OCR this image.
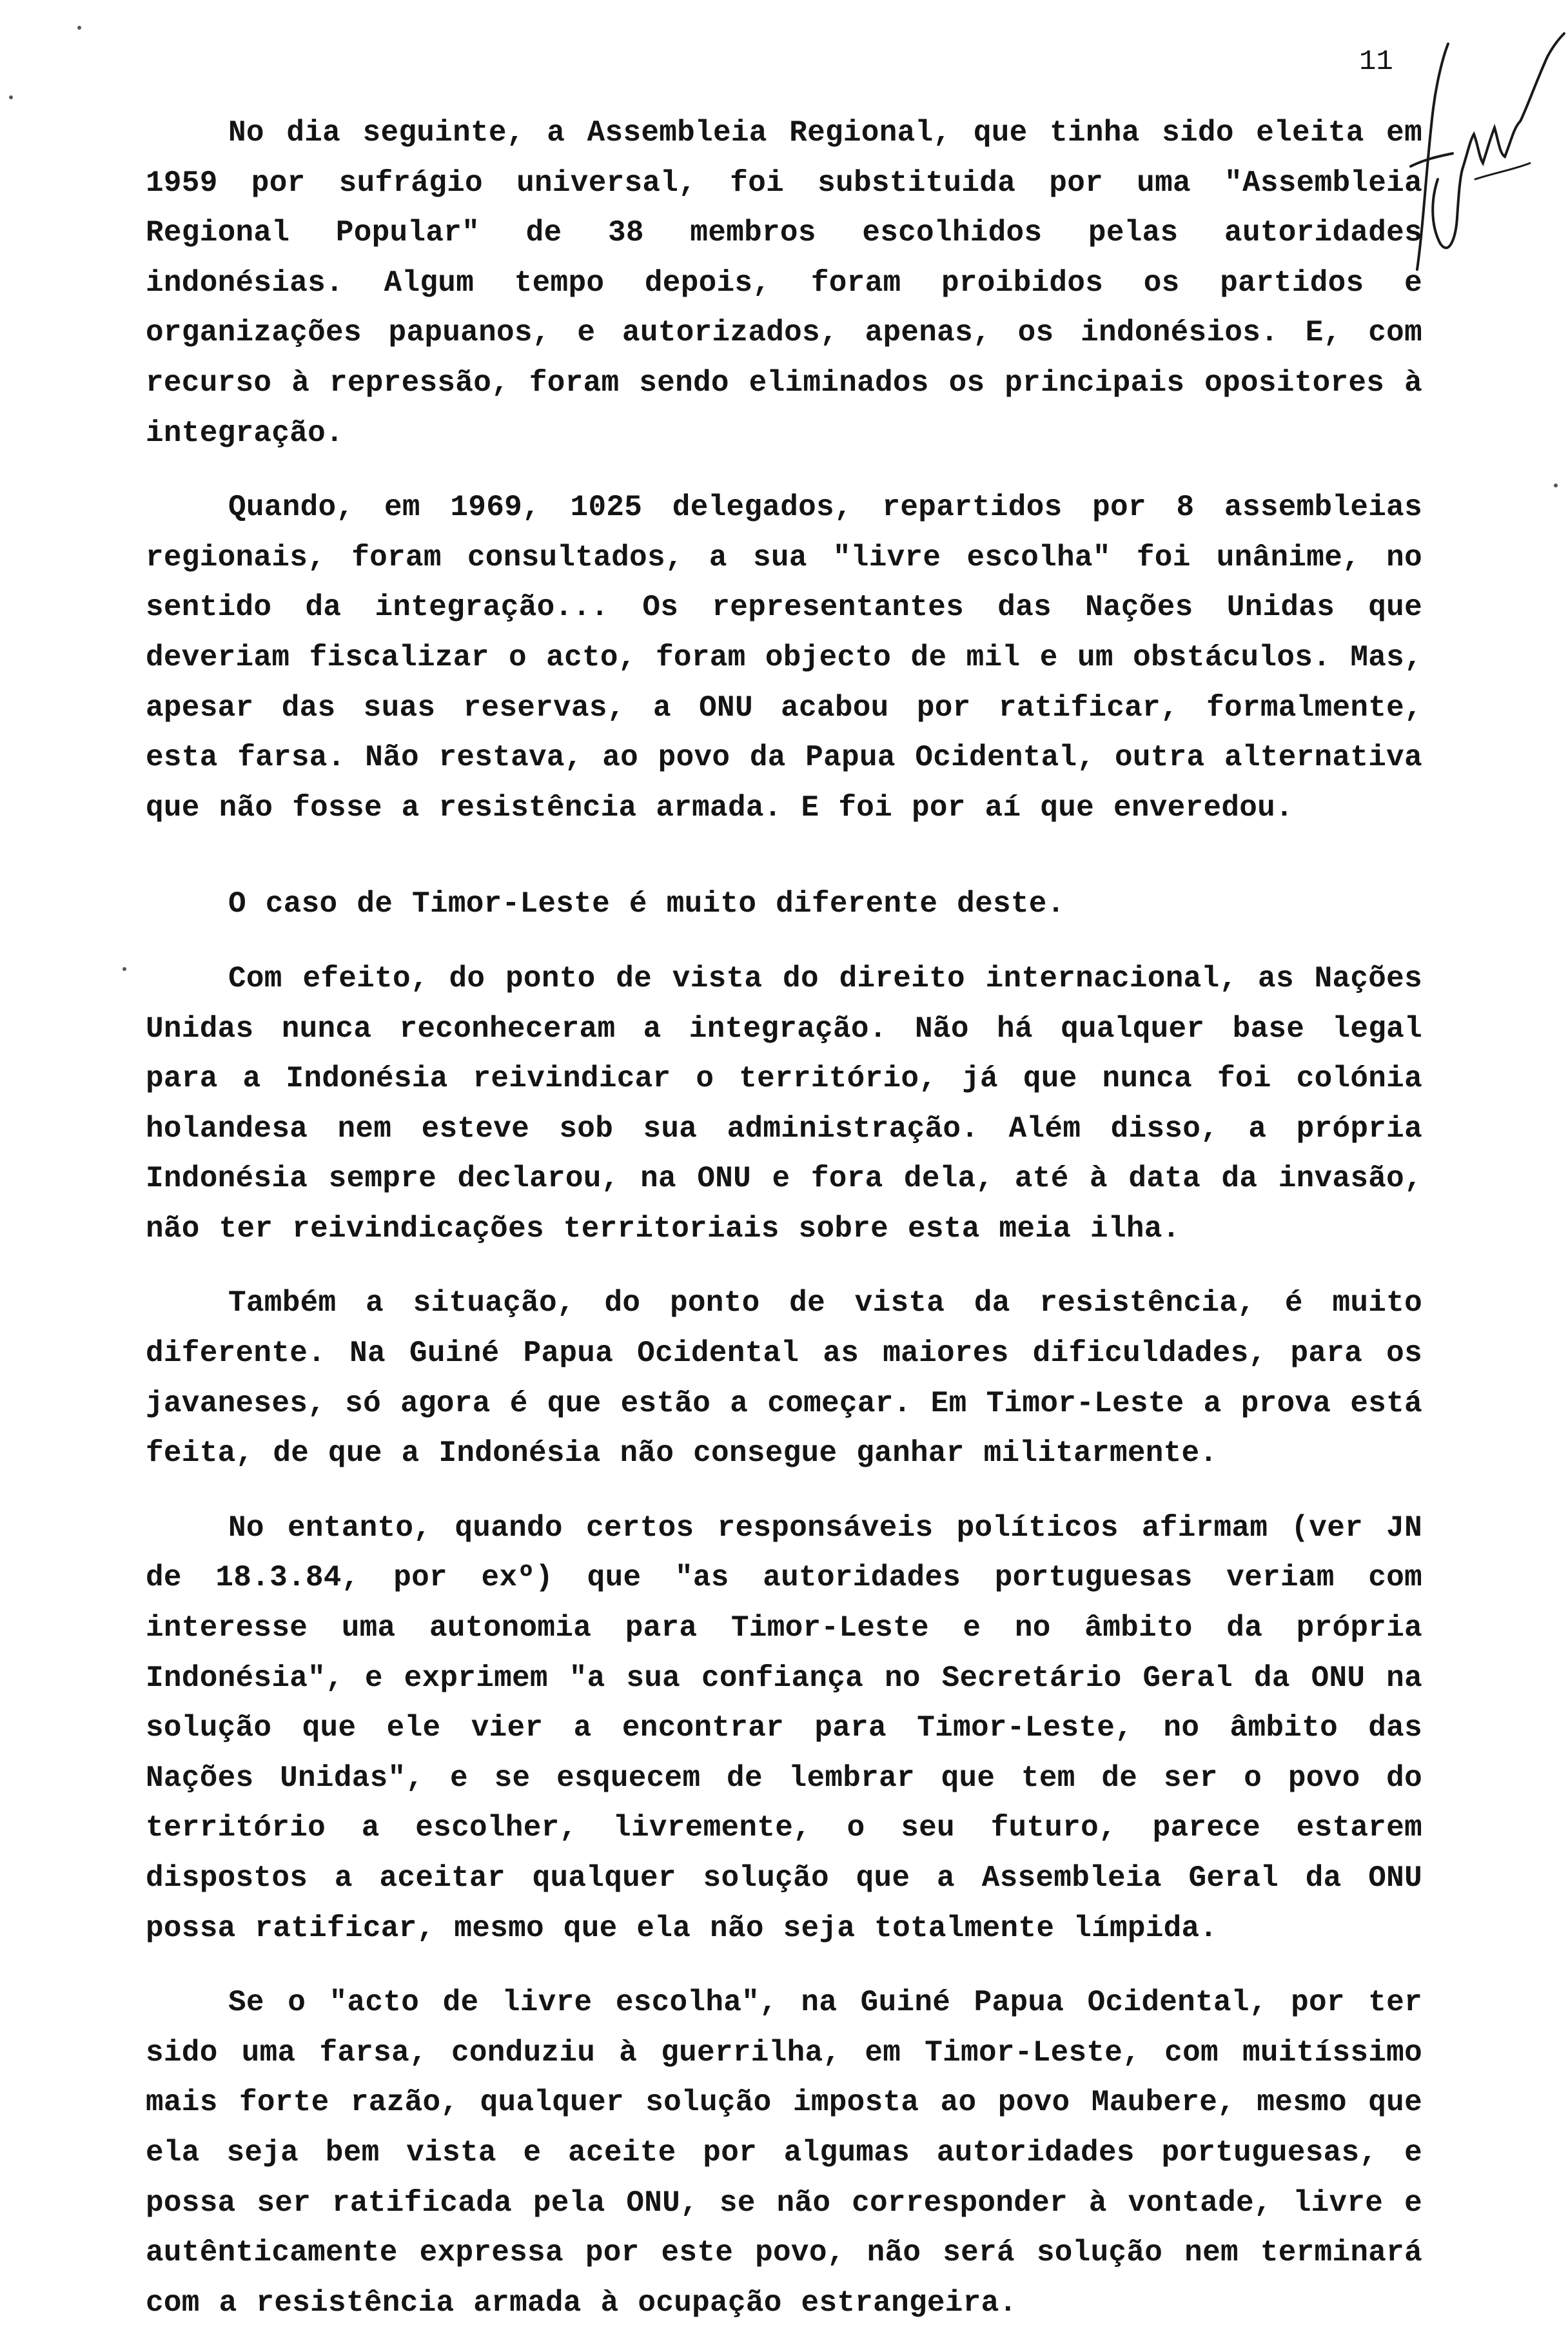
11

No dia seguinte, a Assembleia Regional, que tinha sido eleita em 1959 por sufrágio universal, foi substituida por uma "Assembleia Regional Popular" de 38 membros escolhidos pelas autoridades indonésias. Algum tempo depois, foram proibidos os partidos e organizações papuanos, e autorizados, apenas, os indonésios. E, com recurso à repressão, foram sendo eliminados os principais opositores à integração.

Quando, em 1969, 1025 delegados, repartidos por 8 assembleias regionais, foram consultados, a sua "livre escolha" foi unânime, no sentido da integração... Os representantes das Nações Unidas que deveriam fiscalizar o acto, foram objecto de mil e um obstáculos. Mas, apesar das suas reservas, a ONU acabou por ratificar, formalmente, esta farsa. Não restava, ao povo da Papua Ocidental, outra alternativa que não fosse a resistência armada. E foi por aí que enveredou.

O caso de Timor-Leste é muito diferente deste.

Com efeito, do ponto de vista do direito internacional, as Nações Unidas nunca reconheceram a integração. Não há qualquer base legal para a Indonésia reivindicar o território, já que nunca foi colónia holandesa nem esteve sob sua administração. Além disso, a própria Indonésia sempre declarou, na ONU e fora dela, até à data da invasão, não ter reivindicações territoriais sobre esta meia ilha.

Também a situação, do ponto de vista da resistência, é muito diferente. Na Guiné Papua Ocidental as maiores dificuldades, para os javaneses, só agora é que estão a começar. Em Timor-Leste a prova está feita, de que a Indonésia não consegue ganhar militarmente.

No entanto, quando certos responsáveis políticos afirmam (ver JN de 18.3.84, por exº) que "as autoridades portuguesas veriam com interesse uma autonomia para Timor-Leste e no âmbito da própria Indonésia", e exprimem "a sua confiança no Secretário Geral da ONU na solução que ele vier a encontrar para Timor-Leste, no âmbito das Nações Unidas", e se esquecem de lembrar que tem de ser o povo do território a escolher, livremente, o seu futuro, parece estarem dispostos a aceitar qualquer solução que a Assembleia Geral da ONU possa ratificar, mesmo que ela não seja totalmente límpida.

Se o "acto de livre escolha", na Guiné Papua Ocidental, por ter sido uma farsa, conduziu à guerrilha, em Timor-Leste, com muitíssimo mais forte razão, qualquer solução imposta ao povo Maubere, mesmo que ela seja bem vista e aceite por algumas autoridades portuguesas, e possa ser ratificada pela ONU, se não corresponder à vontade, livre e autênticamente expressa por este povo, não será solução nem terminará com a resistência armada à ocupação estrangeira.
